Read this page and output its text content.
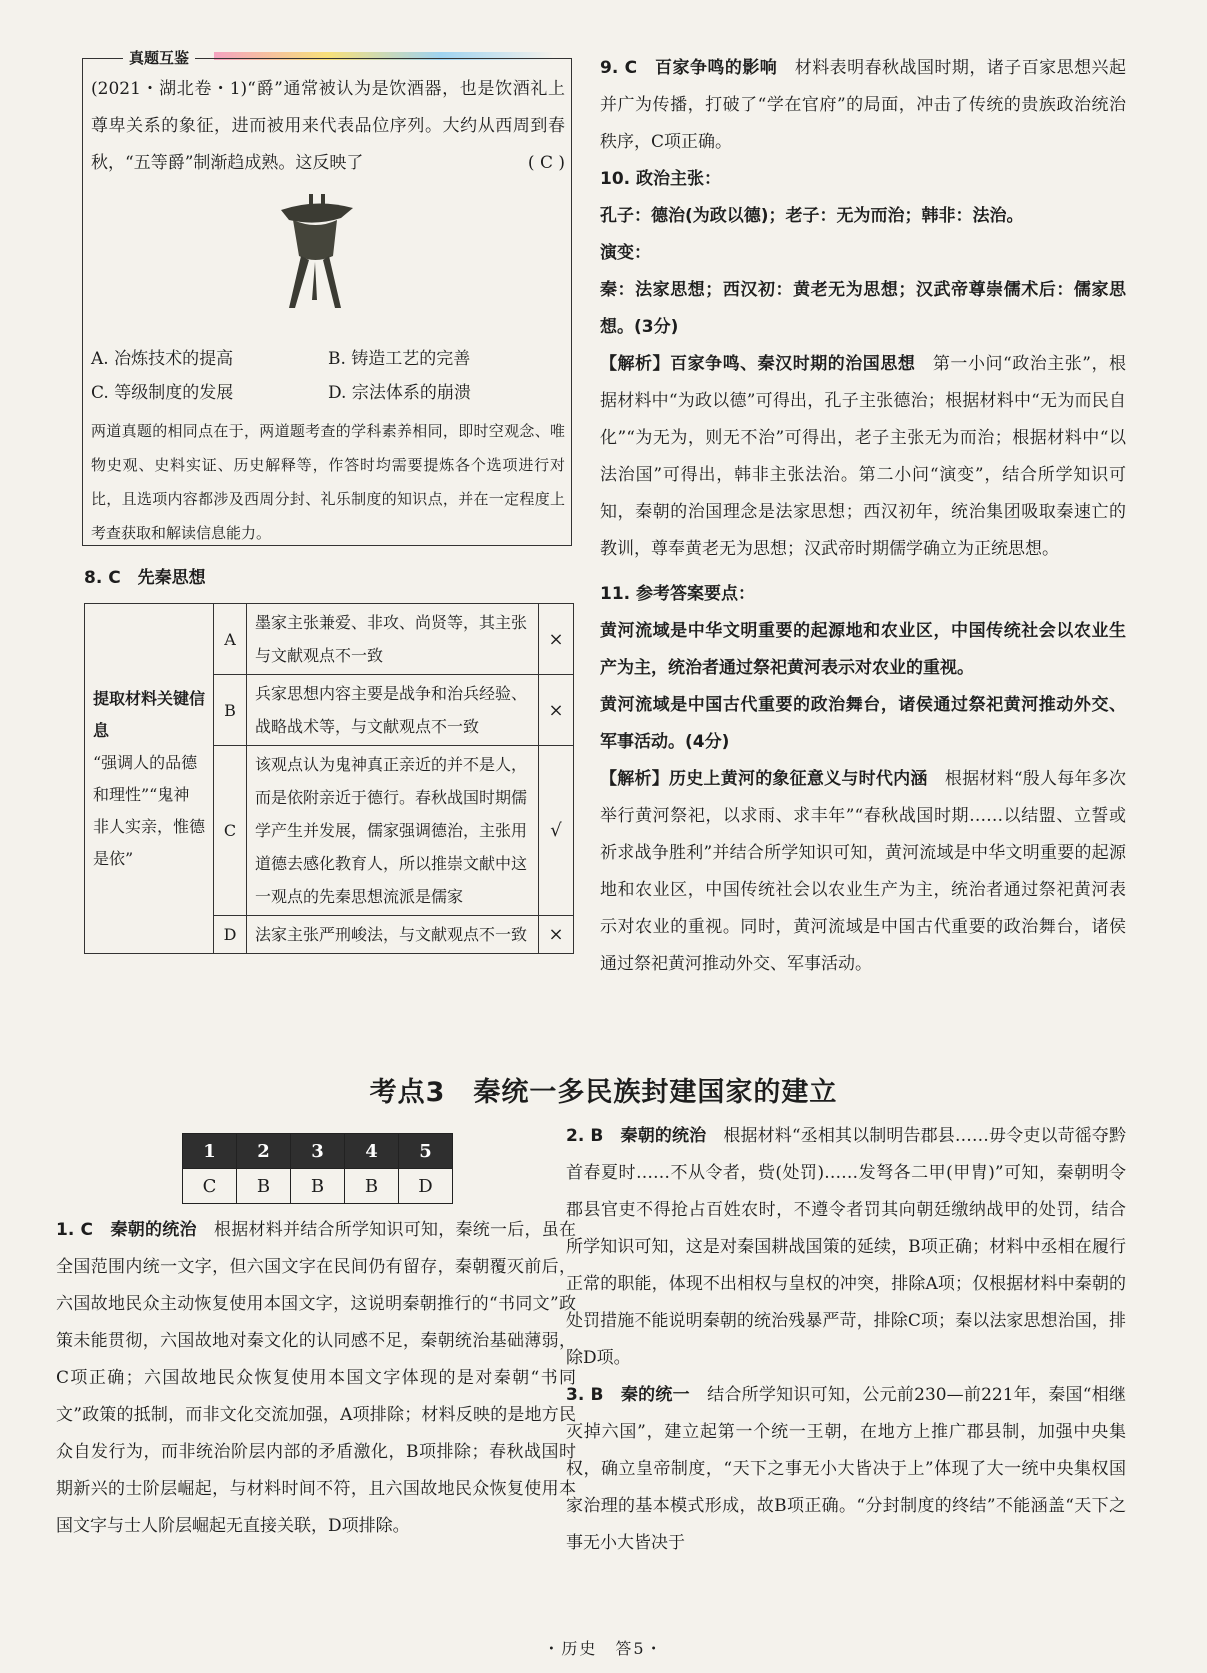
真题互鉴

(2021・湖北卷・1)“爵”通常被认为是饮酒器，也是饮酒礼上尊卑关系的象征，进而被用来代表品位序列。大约从西周到春秋，“五等爵”制渐趋成熟。这反映了	( C )

A. 冶炼技术的提高	B. 铸造工艺的完善
C. 等级制度的发展	D. 宗法体系的崩溃

两道真题的相同点在于，两道题考查的学科素养相同，即时空观念、唯物史观、史料实证、历史解释等，作答时均需要提炼各个选项进行对比，且选项内容都涉及西周分封、礼乐制度的知识点，并在一定程度上考查获取和解读信息能力。

8. C　先秦思想
提取材料关键信息
“强调人的品德和理性”“鬼神非人实亲，惟德是依”	A	墨家主张兼爱、非攻、尚贤等，其主张与文献观点不一致	×
	B	兵家思想内容主要是战争和治兵经验、战略战术等，与文献观点不一致	×
	C	该观点认为鬼神真正亲近的并不是人，而是依附亲近于德行。春秋战国时期儒学产生并发展，儒家强调德治，主张用道德去感化教育人，所以推崇文献中这一观点的先秦思想流派是儒家	√
	D	法家主张严刑峻法，与文献观点不一致	×

9. C　百家争鸣的影响　 材料表明春秋战国时期，诸子百家思想兴起并广为传播，打破了“学在官府”的局面，冲击了传统的贵族政治统治秩序，C项正确。

10. 政治主张：

孔子：德治(为政以德)；老子：无为而治；韩非：法治。

演变：

秦：法家思想；西汉初：黄老无为思想；汉武帝尊崇儒术后：儒家思想。(3分)

【解析】百家争鸣、秦汉时期的治国思想　 第一小问“政治主张”，根据材料中“为政以德”可得出，孔子主张德治；根据材料中“无为而民自化”“为无为，则无不治”可得出，老子主张无为而治；根据材料中“以法治国”可得出，韩非主张法治。第二小问“演变”，结合所学知识可知，秦朝的治国理念是法家思想；西汉初年，统治集团吸取秦速亡的教训，尊奉黄老无为思想；汉武帝时期儒学确立为正统思想。

11. 参考答案要点：

黄河流域是中华文明重要的起源地和农业区，中国传统社会以农业生产为主，统治者通过祭祀黄河表示对农业的重视。

黄河流域是中国古代重要的政治舞台，诸侯通过祭祀黄河推动外交、军事活动。(4分)

【解析】历史上黄河的象征意义与时代内涵　 根据材料“殷人每年多次举行黄河祭祀，以求雨、求丰年”“春秋战国时期……以结盟、立誓或祈求战争胜利”并结合所学知识可知，黄河流域是中华文明重要的起源地和农业区，中国传统社会以农业生产为主，统治者通过祭祀黄河表示对农业的重视。同时，黄河流域是中国古代重要的政治舞台，诸侯通过祭祀黄河推动外交、军事活动。

考点3　秦统一多民族封建国家的建立
1	2	3	4	5
C	B	B	B	D

1. C　秦朝的统治　 根据材料并结合所学知识可知，秦统一后，虽在全国范围内统一文字，但六国文字在民间仍有留存，秦朝覆灭前后，六国故地民众主动恢复使用本国文字，这说明秦朝推行的“书同文”政策未能贯彻，六国故地对秦文化的认同感不足，秦朝统治基础薄弱，C项正确；六国故地民众恢复使用本国文字体现的是对秦朝“书同文”政策的抵制，而非文化交流加强，A项排除；材料反映的是地方民众自发行为，而非统治阶层内部的矛盾激化，B项排除；春秋战国时期新兴的士阶层崛起，与材料时间不符，且六国故地民众恢复使用本国文字与士人阶层崛起无直接关联，D项排除。

2. B　秦朝的统治　 根据材料“丞相其以制明告郡县……毋令吏以苛徭夺黔首春夏时……不从令者，赀(处罚)……发弩各二甲(甲胄)”可知，秦朝明令郡县官吏不得抢占百姓农时，不遵令者罚其向朝廷缴纳战甲的处罚，结合所学知识可知，这是对秦国耕战国策的延续，B项正确；材料中丞相在履行正常的职能，体现不出相权与皇权的冲突，排除A项；仅根据材料中秦朝的处罚措施不能说明秦朝的统治残暴严苛，排除C项；秦以法家思想治国，排除D项。

3. B　秦的统一　 结合所学知识可知，公元前230—前221年，秦国“相继灭掉六国”，建立起第一个统一王朝，在地方上推广郡县制，加强中央集权，确立皇帝制度，“天下之事无小大皆决于上”体现了大一统中央集权国家治理的基本模式形成，故B项正确。“分封制度的终结”不能涵盖“天下之事无小大皆决于

・历史　答5・
